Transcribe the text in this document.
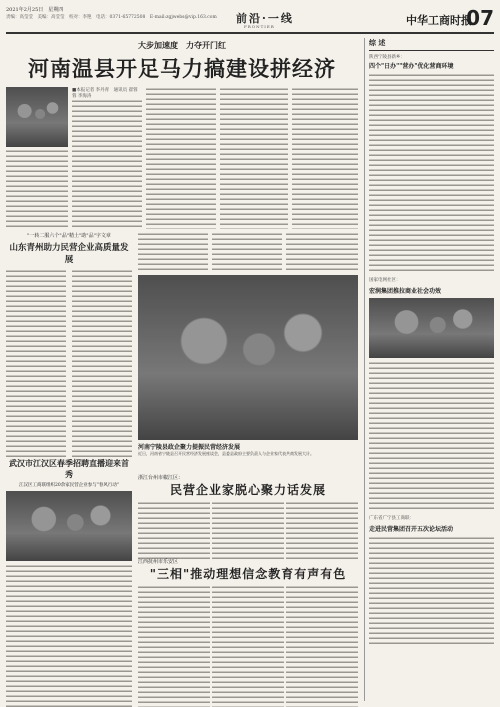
2021年2月25日　星期四
责编：高莹莹　美编：高莹莹　校对：李艳　电话：0371-65772508　E-mail:zgjwebs@vip.163.com 前沿·一线
FRONTIER	中华工商时报
07
大步加速度　力夺开门红
河南温县开足马力搞建设拼经济
■本报记者 李丹青　通讯员 翟蓉蓉 李海涛
"一转二服六个"品"精土"助"品"字文章
山东青州助力民营企业高质量发展
河南宁陵县政企聚力提振民营经济发展
近日，河南省宁陵县召开民营经济发展座谈会，县委县政府主要负责人与企业家代表共商发展大计。
武汉市江汉区春季招聘直播迎来首秀
江汉区工商联组织20余家民营企业参与"春风行动"
浙江台州市椒江区：
民营企业家脱心聚力话发展
江西抚州市乐安区
"三相"推动理想信念教育有声有色
综 述
陕西宁陵县新乡：
四个"日办""营办"优化营商环境
国家电网社区：
宏润集团推拉商业社会功效
广东省广宁县工商联：
走进民营集团召开五次论坛活动
